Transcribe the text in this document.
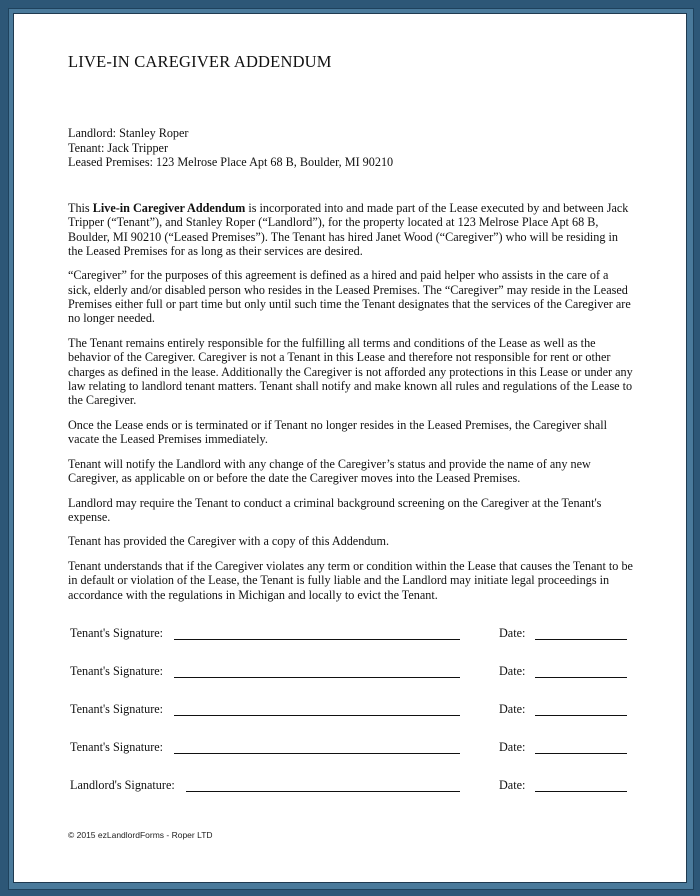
LIVE-IN CAREGIVER ADDENDUM
Landlord: Stanley Roper
Tenant: Jack Tripper
Leased Premises: 123 Melrose Place Apt 68 B, Boulder, MI 90210

This Live-in Caregiver Addendum is incorporated into and made part of the Lease executed by and between Jack Tripper (“Tenant”), and Stanley Roper (“Landlord”), for the property located at 123 Melrose Place Apt 68 B, Boulder, MI 90210 (“Leased Premises”). The Tenant has hired Janet Wood (“Caregiver”) who will be residing in the Leased Premises for as long as their services are desired.

“Caregiver” for the purposes of this agreement is defined as a hired and paid helper who assists in the care of a sick, elderly and/or disabled person who resides in the Leased Premises. The “Caregiver” may reside in the Leased Premises either full or part time but only until such time the Tenant designates that the services of the Caregiver are no longer needed.

The Tenant remains entirely responsible for the fulfilling all terms and conditions of the Lease as well as the behavior of the Caregiver. Caregiver is not a Tenant in this Lease and therefore not responsible for rent or other charges as defined in the lease. Additionally the Caregiver is not afforded any protections in this Lease or under any law relating to landlord tenant matters. Tenant shall notify and make known all rules and regulations of the Lease to the Caregiver.

Once the Lease ends or is terminated or if Tenant no longer resides in the Leased Premises, the Caregiver shall vacate the Leased Premises immediately.

Tenant will notify the Landlord with any change of the Caregiver’s status and provide the name of any new Caregiver, as applicable on or before the date the Caregiver moves into the Leased Premises.

Landlord may require the Tenant to conduct a criminal background screening on the Caregiver at the Tenant's expense.

Tenant has provided the Caregiver with a copy of this Addendum.

Tenant understands that if the Caregiver violates any term or condition within the Lease that causes the Tenant to be in default or violation of the Lease, the Tenant is fully liable and the Landlord may initiate legal proceedings in accordance with the regulations in Michigan and locally to evict the Tenant.

Tenant's Signature:	Date:
Tenant's Signature:	Date:
Tenant's Signature:	Date:
Tenant's Signature:	Date:
Landlord's Signature:	Date:
© 2015 ezLandlordForms - Roper LTD
